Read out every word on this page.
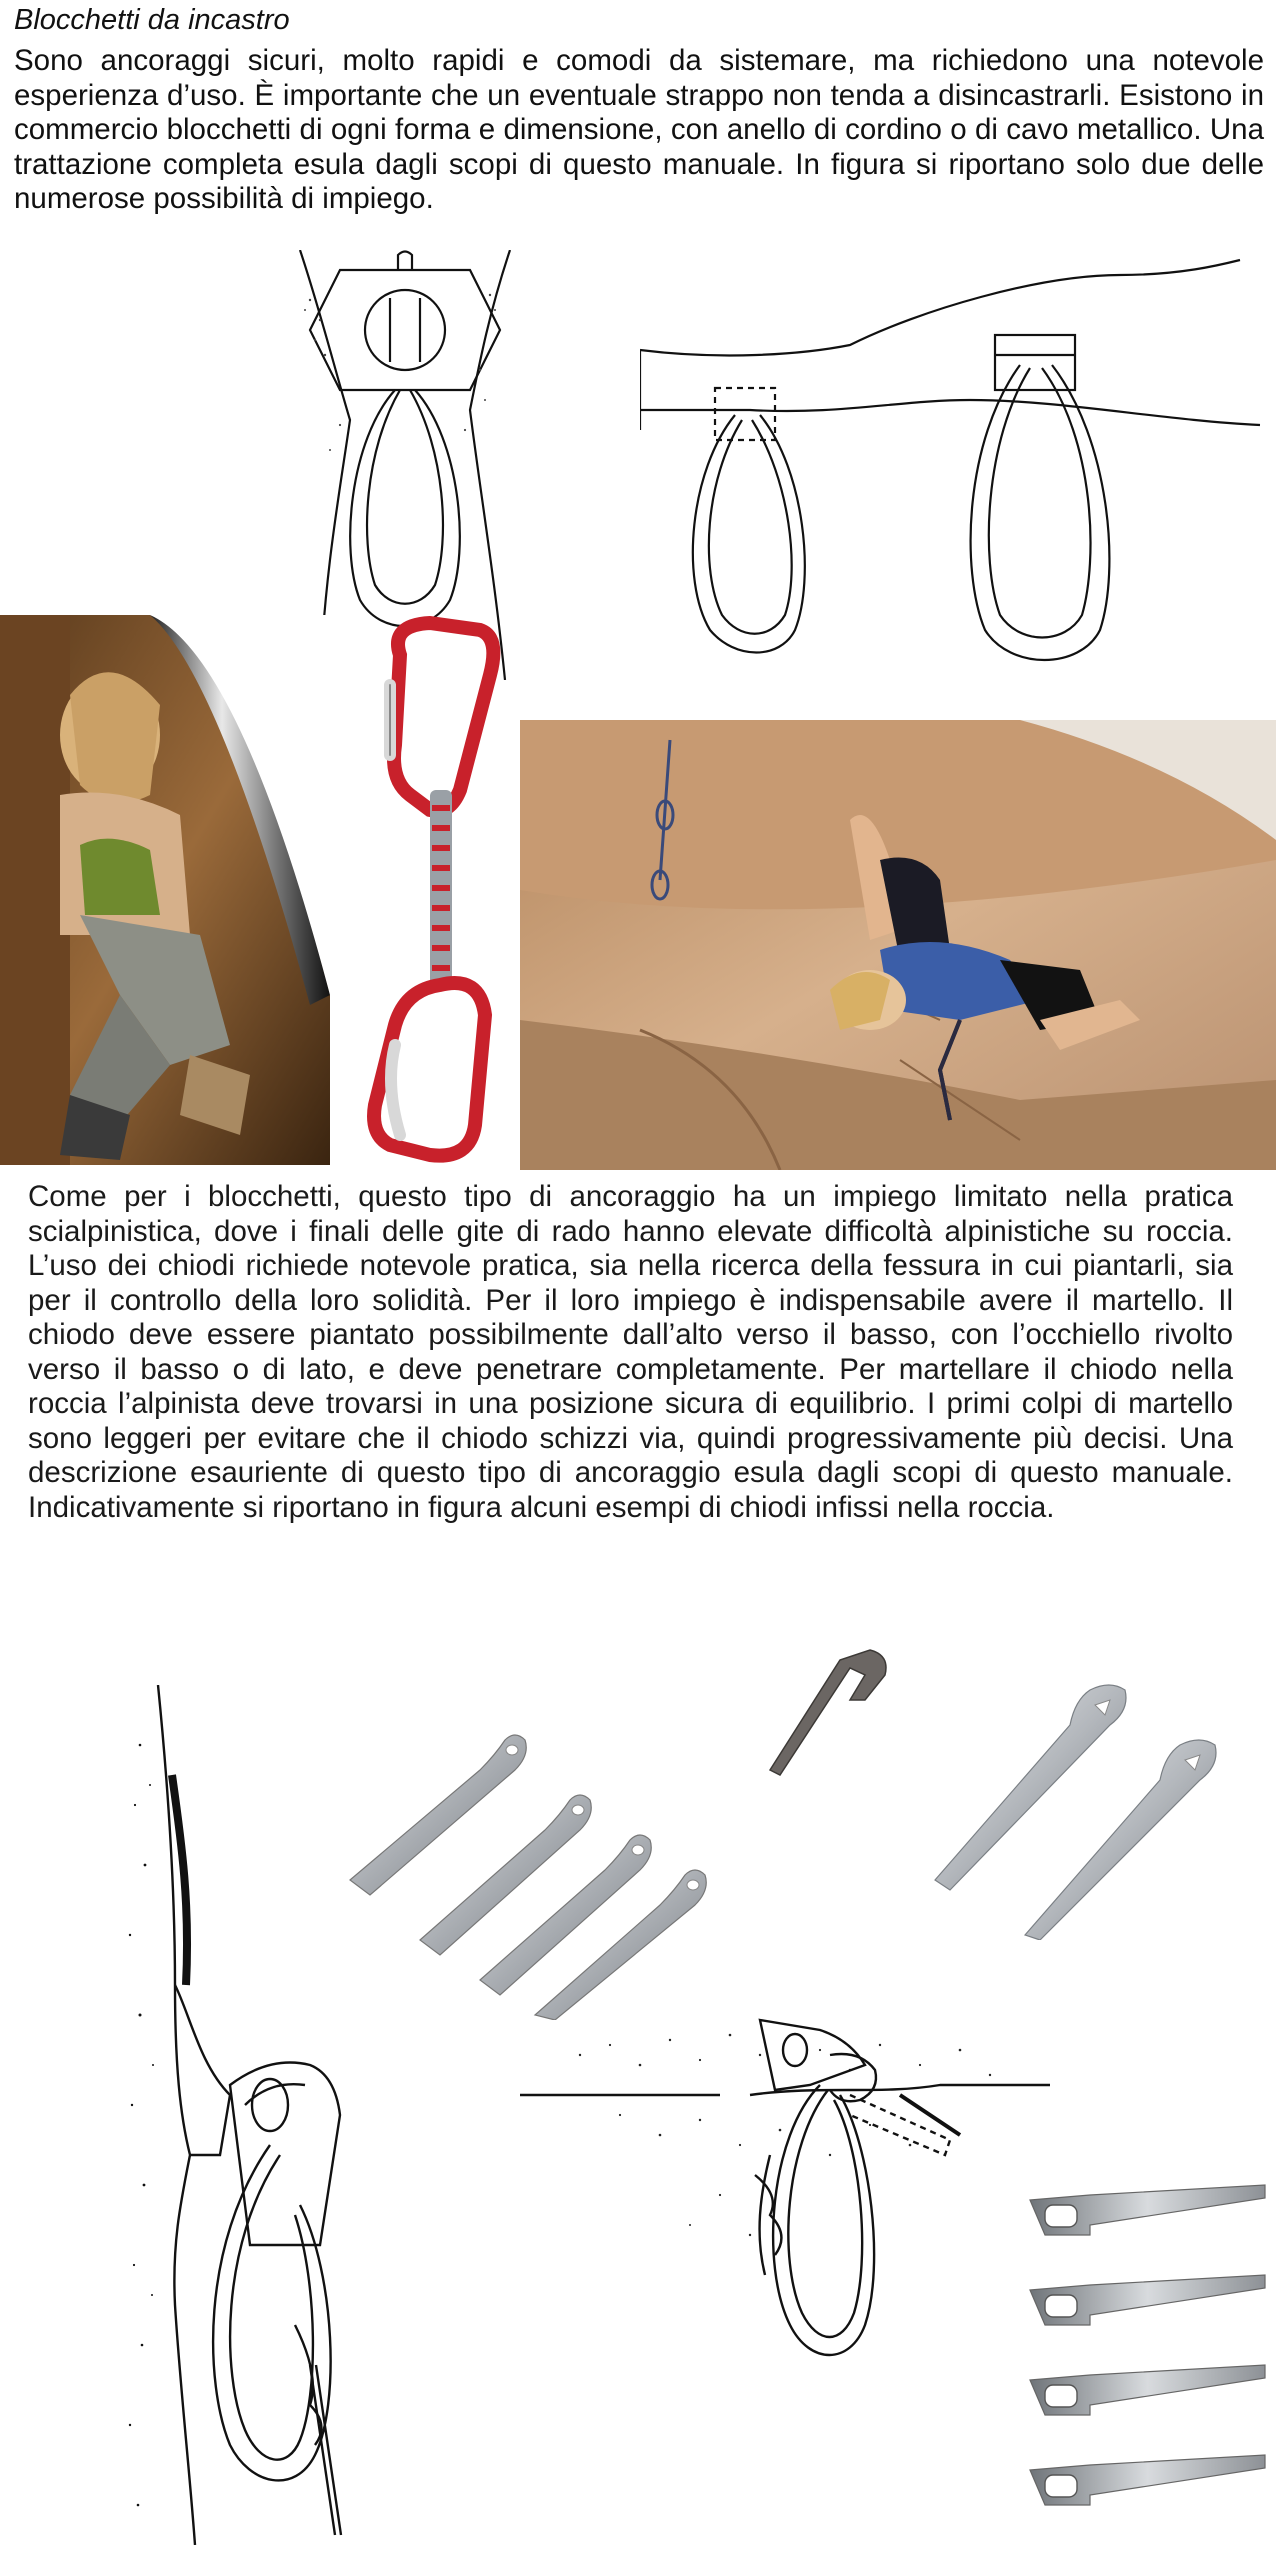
Blocchetti da incastro

Sono ancoraggi sicuri, molto rapidi e comodi da sistemare, ma richiedono una notevole esperienza d’uso. È importante che un eventuale strappo non tenda a disincastrarli. Esistono in commercio blocchetti di ogni forma e dimensione, con anello di cordino o di cavo metallico. Una trattazione completa esula dagli scopi di questo manuale. In figura si riportano solo due delle numerose possibilità di impiego.

SALEWA

Come per i blocchetti, questo tipo di ancoraggio ha un impiego limitato nella pratica scialpinistica, dove i finali delle gite di rado hanno elevate difficoltà alpinistiche su roccia. L’uso dei chiodi richiede notevole pratica, sia nella ricerca della fessura in cui piantarli, sia per il controllo della loro solidità. Per il loro impiego è indispensabile avere il martello. Il chiodo deve essere piantato possibilmente dall’alto verso il basso, con l’occhiello rivolto verso il basso o di lato, e deve penetrare completamente. Per martellare il chiodo nella roccia l’alpinista deve trovarsi in una posizione sicura di equilibrio. I primi colpi di martello sono leggeri per evitare che il chiodo schizzi via, quindi progressivamente più decisi. Una descrizione esauriente di questo tipo di ancoraggio esula dagli scopi di questo manuale. Indicativamente si riportano in figura alcuni esempi di chiodi infissi nella roccia.
